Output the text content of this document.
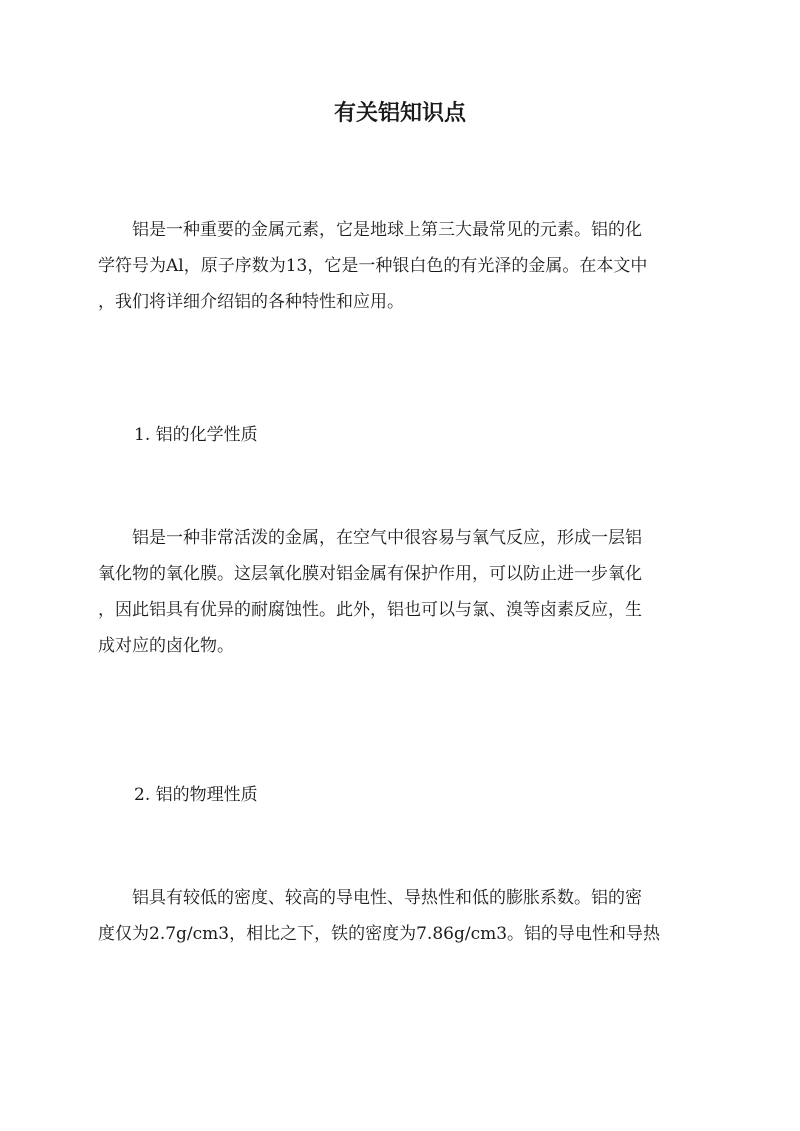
有关铝知识点

　　铝是一种重要的金属元素，它是地球上第三大最常见的元素。铝的化
学符号为Al，原子序数为13，它是一种银白色的有光泽的金属。在本文中
，我们将详细介绍铝的各种特性和应用。

1. 铝的化学性质

　　铝是一种非常活泼的金属，在空气中很容易与氧气反应，形成一层铝
氧化物的氧化膜。这层氧化膜对铝金属有保护作用，可以防止进一步氧化
，因此铝具有优异的耐腐蚀性。此外，铝也可以与氯、溴等卤素反应，生
成对应的卤化物。

2. 铝的物理性质

　　铝具有较低的密度、较高的导电性、导热性和低的膨胀系数。铝的密
度仅为2.7g/cm3，相比之下，铁的密度为7.86g/cm3。铝的导电性和导热
